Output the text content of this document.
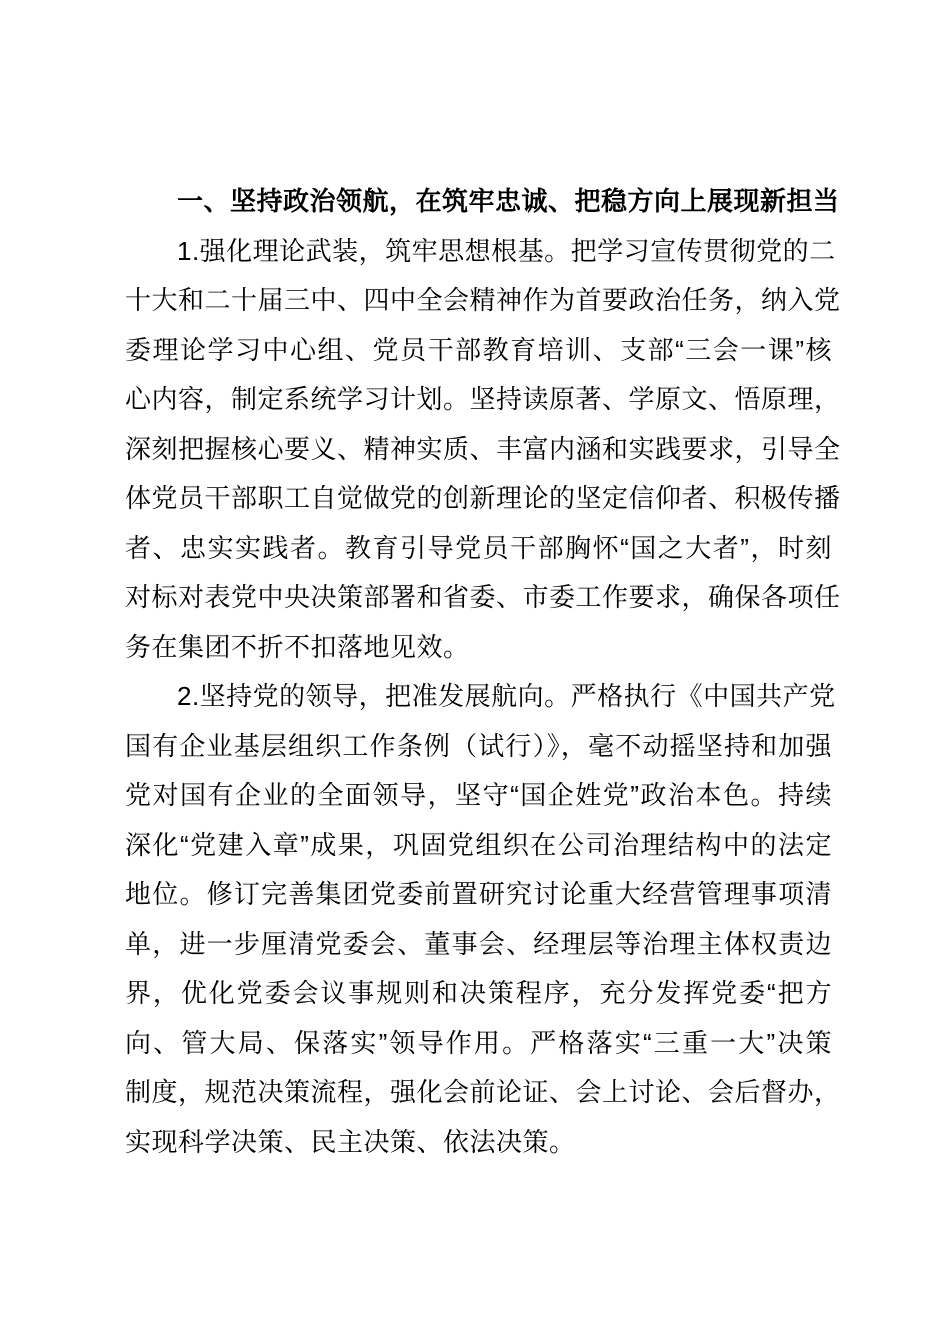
一、坚持政治领航，在筑牢忠诚、把稳方向上展现新担当
1.强化理论武装，筑牢思想根基。把学习宣传贯彻党的二
十大和二十届三中、四中全会精神作为首要政治任务，纳入党
委理论学习中心组、党员干部教育培训、支部“三会一课”核
心内容，制定系统学习计划。坚持读原著、学原文、悟原理，
深刻把握核心要义、精神实质、丰富内涵和实践要求，引导全
体党员干部职工自觉做党的创新理论的坚定信仰者、积极传播
者、忠实实践者。教育引导党员干部胸怀“国之大者”，时刻
对标对表党中央决策部署和省委、市委工作要求，确保各项任
务在集团不折不扣落地见效。
2.坚持党的领导，把准发展航向。严格执行《中国共产党
国有企业基层组织工作条例（试行）》，毫不动摇坚持和加强
党对国有企业的全面领导，坚守“国企姓党”政治本色。持续
深化“党建入章”成果，巩固党组织在公司治理结构中的法定
地位。修订完善集团党委前置研究讨论重大经营管理事项清
单，进一步厘清党委会、董事会、经理层等治理主体权责边
界，优化党委会议事规则和决策程序，充分发挥党委“把方
向、管大局、保落实”领导作用。严格落实“三重一大”决策
制度，规范决策流程，强化会前论证、会上讨论、会后督办，
实现科学决策、民主决策、依法决策。
